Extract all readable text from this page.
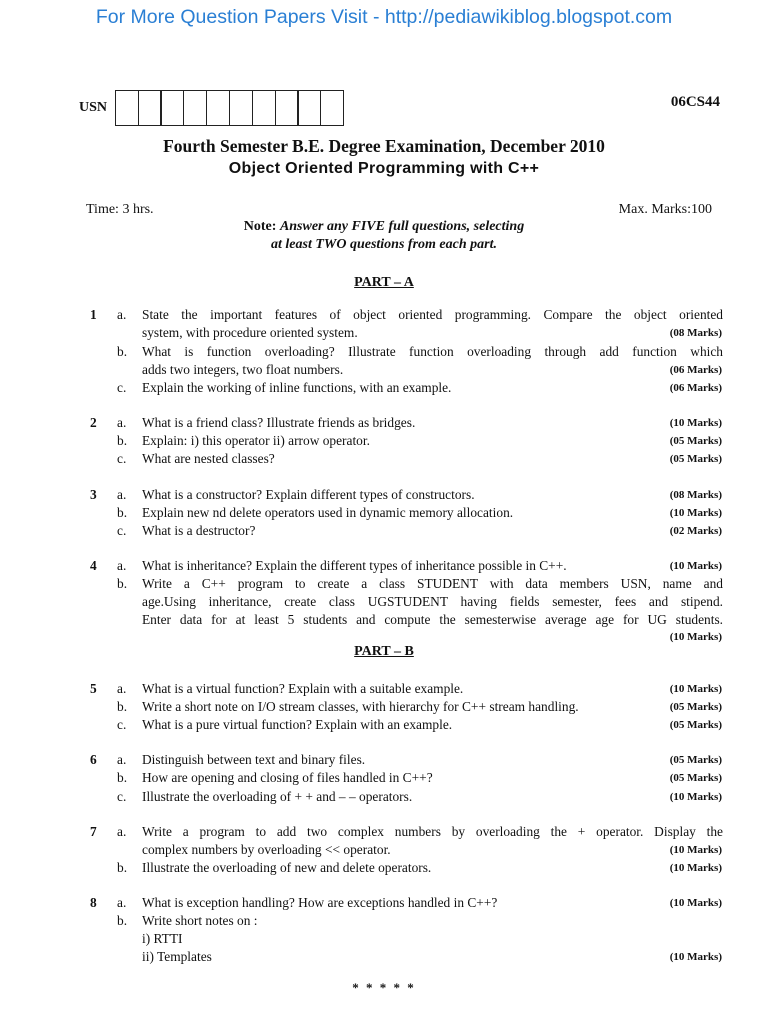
For More Question Papers Visit - http://pediawikiblog.blogspot.com
USN	06CS44
Fourth Semester B.E. Degree Examination, December 2010
Object Oriented Programming with C++
Time: 3 hrs.	Max. Marks:100
Note: Answer any FIVE full questions, selecting
at least TWO questions from each part.
PART – A
PART – B
1 a. State the important features of object oriented programming. Compare the object oriented
system, with procedure oriented system.	(08 Marks)
b. What is function overloading? Illustrate function overloading through add function which
adds two integers, two float numbers.	(06 Marks)
c. Explain the working of inline functions, with an example.	(06 Marks)
2 a. What is a friend class? Illustrate friends as bridges.	(10 Marks)
b. Explain: i) this operator ii) arrow operator.	(05 Marks)
c. What are nested classes?	(05 Marks)
3 a. What is a constructor? Explain different types of constructors.	(08 Marks)
b. Explain new nd delete operators used in dynamic memory allocation.	(10 Marks)
c. What is a destructor?	(02 Marks)
4 a. What is inheritance? Explain the different types of inheritance possible in C++.	(10 Marks)
b. Write a C++ program to create a class STUDENT with data members USN, name and
age.Using inheritance, create class UGSTUDENT having fields semester, fees and stipend.
Enter data for at least 5 students and compute the semesterwise average age for UG students.
(10 Marks)
5 a. What is a virtual function? Explain with a suitable example.	(10 Marks)
b. Write a short note on I/O stream classes, with hierarchy for C++ stream handling.	(05 Marks)
c. What is a pure virtual function? Explain with an example.	(05 Marks)
6 a. Distinguish between text and binary files.	(05 Marks)
b. How are opening and closing of files handled in C++?	(05 Marks)
c. Illustrate the overloading of + + and – – operators.	(10 Marks)
7 a. Write a program to add two complex numbers by overloading the + operator. Display the
complex numbers by overloading << operator.	(10 Marks)
b. Illustrate the overloading of new and delete operators.	(10 Marks)
8 a. What is exception handling? How are exceptions handled in C++?	(10 Marks)
b. Write short notes on :
i) RTTI
ii) Templates	(10 Marks)
* * * * *
